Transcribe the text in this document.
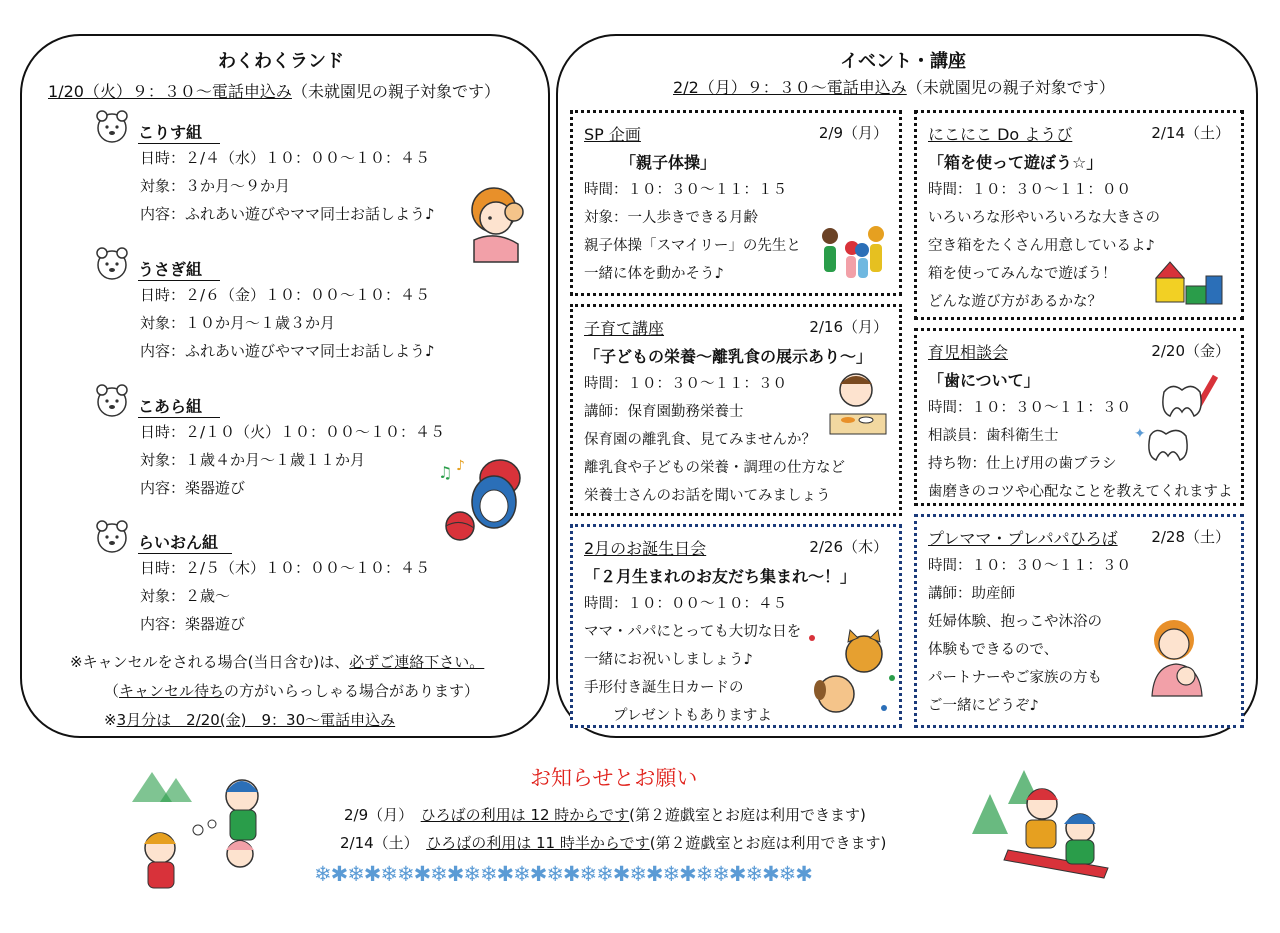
わくわくランド
1/20（火）９：３０～電話申込み（未就園児の親子対象です）
こりす組
日時：２/４（水）１０：００～１０：４５
対象：３か月～９か月
内容：ふれあい遊びやママ同士お話しよう♪
うさぎ組
日時：２/６（金）１０：００～１０：４５
対象：１０か月～１歳３か月
内容：ふれあい遊びやママ同士お話しよう♪
こあら組
日時：２/１０（火）１０：００～１０：４５
対象：１歳４か月～１歳１１か月
内容：楽器遊び
らいおん組
日時：２/５（木）１０：００～１０：４５
対象：２歳～
内容：楽器遊び
※キャンセルをされる場合(当日含む)は、必ずご連絡下さい。
（キャンセル待ちの方がいらっしゃる場合があります）
※3月分は　2/20(金)　9：30～電話申込み
♫ ♪
イベント・講座
2/2（月）９：３０～電話申込み（未就園児の親子対象です）
SP 企画	2/9（月）
「親子体操」
時間：１０：３０～１１：１５
対象：一人歩きできる月齢
親子体操「スマイリー」の先生と
一緒に体を動かそう♪
にこにこ Do ようび	2/14（土）
「箱を使って遊ぼう☆」
時間：１０：３０～１１：００
いろいろな形やいろいろな大きさの
空き箱をたくさん用意しているよ♪
箱を使ってみんなで遊ぼう！
どんな遊び方があるかな？
子育て講座	2/16（月）
「子どもの栄養～離乳食の展示あり～」
時間：１０：３０～１１：３０
講師：保育園勤務栄養士
保育園の離乳食、見てみませんか？
離乳食や子どもの栄養・調理の仕方など
栄養士さんのお話を聞いてみましょう
育児相談会	2/20（金）
「歯について」
時間：１０：３０～１１：３０
相談員：歯科衛生士
持ち物：仕上げ用の歯ブラシ
歯磨きのコツや心配なことを教えてくれますよ
2月のお誕生日会	2/26（木）
「２月生まれのお友だち集まれ～！」
時間：１０：００～１０：４５
ママ・パパにとっても大切な日を
一緒にお祝いしましょう♪
手形付き誕生日カードの
　　プレゼントもありますよ
プレママ・プレパパひろば 2/28（土）
時間：１０：３０～１１：３０
講師：助産師
妊婦体験、抱っこや沐浴の
体験もできるので、
パートナーやご家族の方も
ご一緒にどうぞ♪
✦
お知らせとお願い
2/9（月）　 ひろばの利用は 12 時からです(第２遊戯室とお庭は利用できます)
2/14（土）　 ひろばの利用は 11 時半からです(第２遊戯室とお庭は利用できます)
❄✱❄✱❄❄✱❄✱❄❄✱❄✱❄✱❄❄✱❄✱❄✱❄❄✱❄✱❄✱
